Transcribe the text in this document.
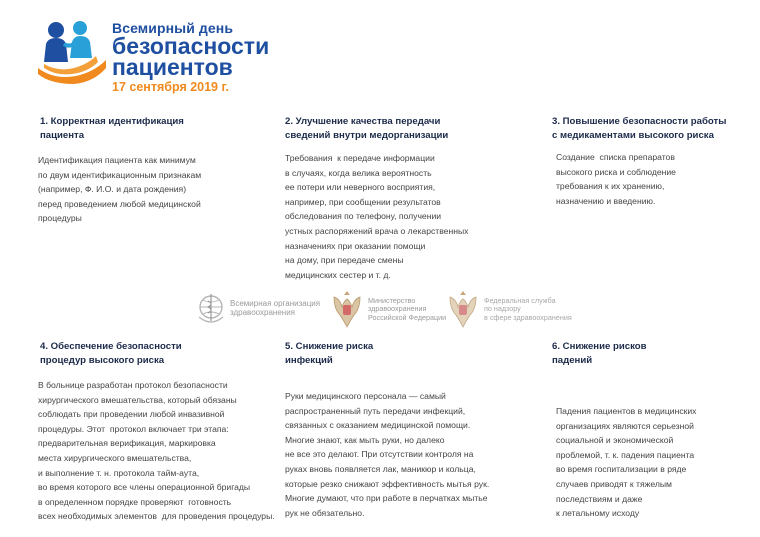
Всемирный день
безопасности
пациентов
17 сентября 2019 г.
1. Корректная идентификация
пациента
Идентификация пациента как минимум
по двум идентификационным признакам
(например, Ф. И.О. и дата рождения)
перед проведением любой медицинской
процедуры
2. Улучшение качества передачи
сведений внутри медорганизации
Требования  к передаче информации
в случаях, когда велика вероятность
ее потери или неверного восприятия,
например, при сообщении результатов
обследования по телефону, получении
устных распоряжений врача о лекарственных
назначениях при оказании помощи
на дому, при передаче смены
медицинских сестер и т. д.
3. Повышение безопасности работы
с медикаментами высокого риска
Создание  списка препаратов
высокого риска и соблюдение
требования к их хранению,
назначению и введению.
Всемирная организация
здравоохранения
Министерство
здравоохранения
Российской Федерации
Федеральная служба
по надзору
в сфере здравоохранения
4. Обеспечение безопасности
процедур высокого риска
В больнице разработан протокол безопасности
хирургического вмешательства, который обязаны
соблюдать при проведении любой инвазивной
процедуры. Этот  протокол включает три этапа:
предварительная верификация, маркировка
места хирургического вмешательства,
и выполнение т. н. протокола тайм-аута,
во время которого все члены операционной бригады
в определенном порядке проверяют  готовность
всех необходимых элементов  для проведения процедуры.
5. Снижение риска
инфекций
Руки медицинского персонала — самый
распространенный путь передачи инфекций,
связанных с оказанием медицинской помощи.
Многие знают, как мыть руки, но далеко
не все это делают. При отсутствии контроля на
руках вновь появляется лак, маникюр и кольца,
которые резко снижают эффективность мытья рук.
Многие думают, что при работе в перчатках мытье
рук не обязательно.
6. Снижение рисков
падений
Падения пациентов в медицинских
организациях являются серьезной
социальной и экономической
проблемой, т. к. падения пациента
во время госпитализации в ряде
случаев приводят к тяжелым
последствиям и даже
к летальному исходу
